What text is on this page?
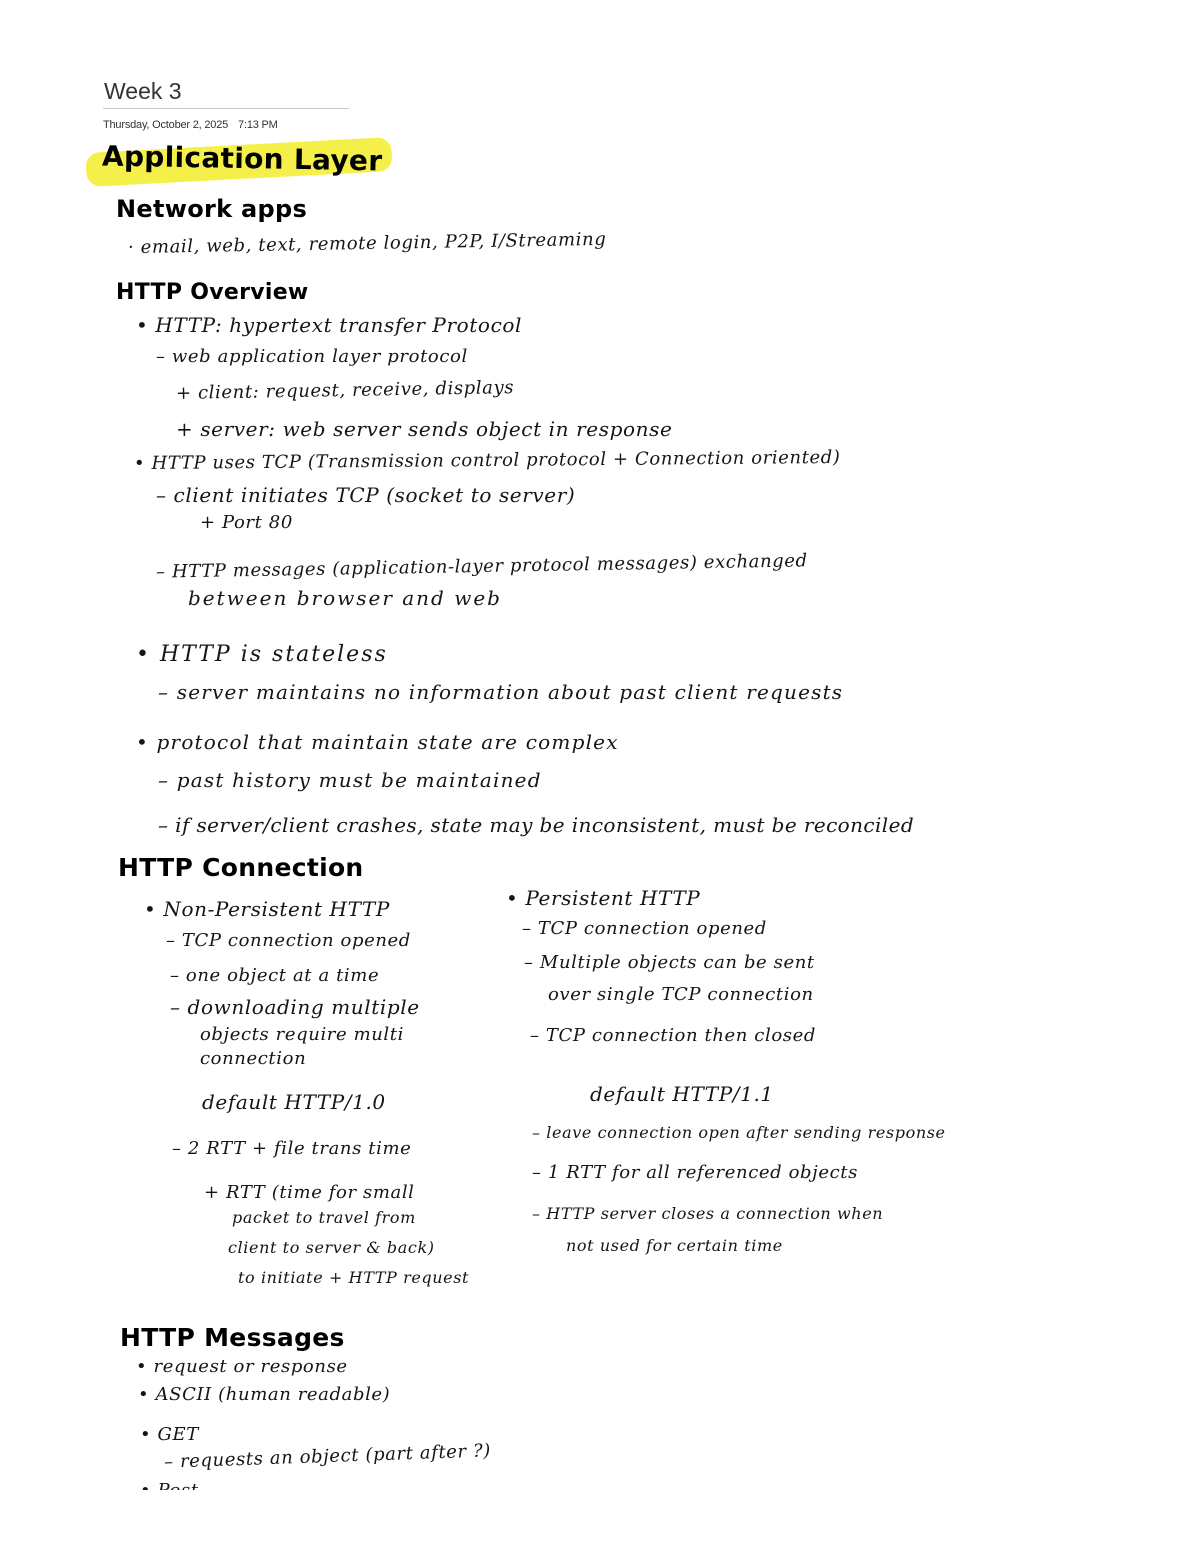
Week 3
Thursday, October 2, 2025 7:13 PM
Application Layer
Network apps
· email, web, text, remote login, P2P, I/Streaming
HTTP Overview
• HTTP: hypertext transfer Protocol
– web application layer protocol
+ client: request, receive, displays
+ server: web server sends object in response
• HTTP uses TCP (Transmission control protocol + Connection oriented)
– client initiates TCP (socket to server)
+ Port 80
– HTTP messages (application-layer protocol messages) exchanged
between browser and web
• HTTP is stateless
– server maintains no information about past client requests
• protocol that maintain state are complex
– past history must be maintained
– if server/client crashes, state may be inconsistent, must be reconciled
HTTP Connection
• Non-Persistent HTTP
– TCP connection opened
– one object at a time
– downloading multiple
objects require multi
connection
default HTTP/1.0
– 2 RTT + file trans time
+ RTT (time for small
packet to travel from
client to server & back)
to initiate + HTTP request
• Persistent HTTP
– TCP connection opened
– Multiple objects can be sent
over single TCP connection
– TCP connection then closed
default HTTP/1.1
– leave connection open after sending response
– 1 RTT for all referenced objects
– HTTP server closes a connection when
not used for certain time
HTTP Messages
• request or response
• ASCII (human readable)
• GET
– requests an object (part after ?)
